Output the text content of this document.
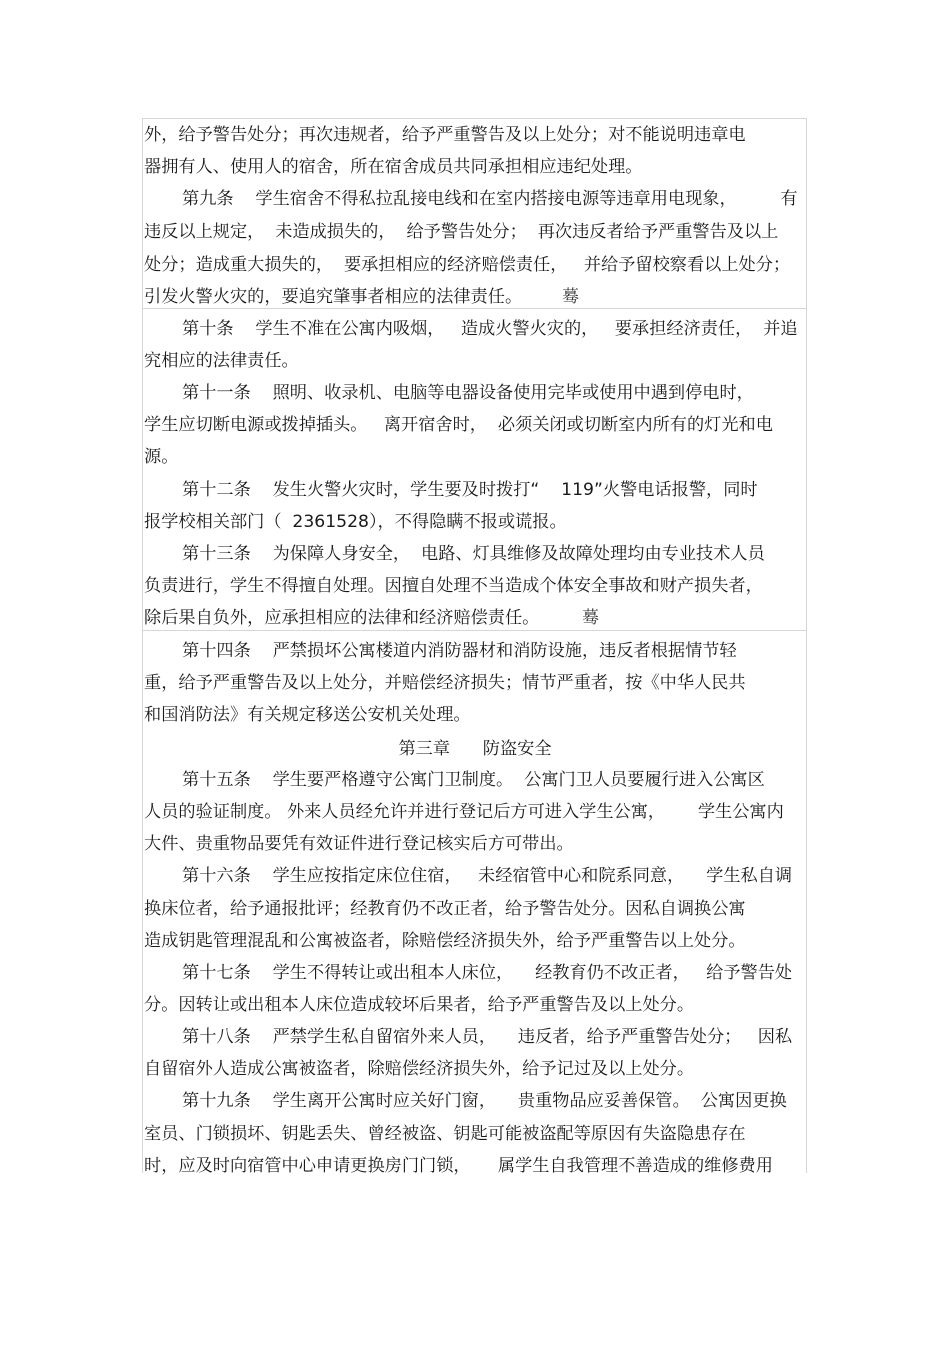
外，给予警告处分；再次违规者，给予严重警告及以上处分；对不能说明违章电
器拥有人、使用人的宿舍，所在宿舍成员共同承担相应违纪处理。
第九条    学生宿舍不得私拉乱接电线和在室内搭接电源等违章用电现象，        有
违反以上规定，  未造成损失的，  给予警告处分；  再次违反者给予严重警告及以上
处分；造成重大损失的，  要承担相应的经济赔偿责任，   并给予留校察看以上处分；
引发火警火灾的，要追究肇事者相应的法律责任。	蓦
第十条    学生不准在公寓内吸烟，   造成火警火灾的，   要承担经济责任，  并追
究相应的法律责任。
第十一条    照明、收录机、电脑等电器设备使用完毕或使用中遇到停电时，
学生应切断电源或拨掉插头。   离开宿舍时，  必须关闭或切断室内所有的灯光和电
源。
第十二条    发生火警火灾时，学生要及时拨打“    119”火警电话报警，同时
报学校相关部门（  2361528），不得隐瞒不报或谎报。
第十三条    为保障人身安全，  电路、灯具维修及故障处理均由专业技术人员
负责进行，学生不得擅自处理。因擅自处理不当造成个体安全事故和财产损失者，
除后果自负外，应承担相应的法律和经济赔偿责任。	蓦
第十四条    严禁损坏公寓楼道内消防器材和消防设施，违反者根据情节轻
重，给予严重警告及以上处分，并赔偿经济损失；情节严重者，按《中华人民共
和国消防法》有关规定移送公安机关处理。
第三章      防盗安全
第十五条    学生要严格遵守公寓门卫制度。  公寓门卫人员要履行进入公寓区
人员的验证制度。 外来人员经允许并进行登记后方可进入学生公寓，      学生公寓内
大件、贵重物品要凭有效证件进行登记核实后方可带出。
第十六条    学生应按指定床位住宿，   未经宿管中心和院系同意，    学生私自调
换床位者，给予通报批评；经教育仍不改正者，给予警告处分。因私自调换公寓
造成钥匙管理混乱和公寓被盗者，除赔偿经济损失外，给予严重警告以上处分。
第十七条    学生不得转让或出租本人床位，    经教育仍不改正者，   给予警告处
分。因转让或出租本人床位造成较坏后果者，给予严重警告及以上处分。
第十八条    严禁学生私自留宿外来人员，    违反者，给予严重警告处分；   因私
自留宿外人造成公寓被盗者，除赔偿经济损失外，给予记过及以上处分。
第十九条    学生离开公寓时应关好门窗，    贵重物品应妥善保管。  公寓因更换
室员、门锁损坏、钥匙丢失、曾经被盗、钥匙可能被盗配等原因有失盗隐患存在
时，应及时向宿管中心申请更换房门门锁，     属学生自我管理不善造成的维修费用
